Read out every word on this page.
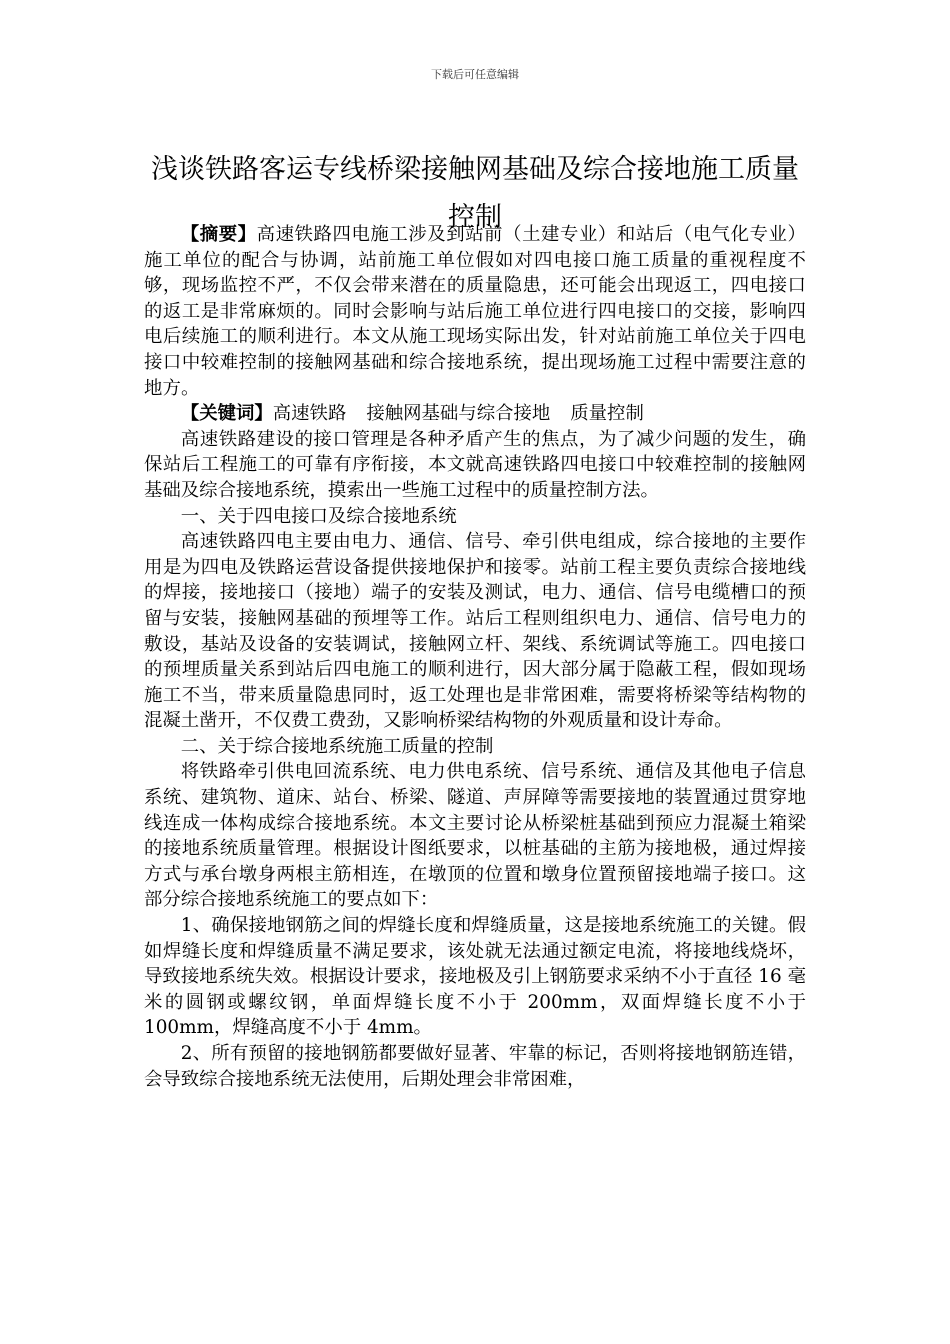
下载后可任意编辑
浅谈铁路客运专线桥梁接触网基础及综合接地施工质量控制

【摘要】高速铁路四电施工涉及到站前（土建专业）和站后（电气化专业）施工单位的配合与协调，站前施工单位假如对四电接口施工质量的重视程度不够，现场监控不严，不仅会带来潜在的质量隐患，还可能会出现返工，四电接口的返工是非常麻烦的。同时会影响与站后施工单位进行四电接口的交接，影响四电后续施工的顺利进行。本文从施工现场实际出发，针对站前施工单位关于四电接口中较难控制的接触网基础和综合接地系统，提出现场施工过程中需要注意的地方。

【关键词】高速铁路 接触网基础与综合接地 质量控制

高速铁路建设的接口管理是各种矛盾产生的焦点，为了减少问题的发生，确保站后工程施工的可靠有序衔接，本文就高速铁路四电接口中较难控制的接触网基础及综合接地系统，摸索出一些施工过程中的质量控制方法。

一、关于四电接口及综合接地系统

高速铁路四电主要由电力、通信、信号、牵引供电组成，综合接地的主要作用是为四电及铁路运营设备提供接地保护和接零。站前工程主要负责综合接地线的焊接，接地接口（接地）端子的安装及测试，电力、通信、信号电缆槽口的预留与安装，接触网基础的预埋等工作。站后工程则组织电力、通信、信号电力的敷设，基站及设备的安装调试，接触网立杆、架线、系统调试等施工。四电接口的预埋质量关系到站后四电施工的顺利进行，因大部分属于隐蔽工程，假如现场施工不当，带来质量隐患同时，返工处理也是非常困难，需要将桥梁等结构物的混凝土凿开，不仅费工费劲，又影响桥梁结构物的外观质量和设计寿命。

二、关于综合接地系统施工质量的控制

将铁路牵引供电回流系统、电力供电系统、信号系统、通信及其他电子信息系统、建筑物、道床、站台、桥梁、隧道、声屏障等需要接地的装置通过贯穿地线连成一体构成综合接地系统。本文主要讨论从桥梁桩基础到预应力混凝土箱梁的接地系统质量管理。根据设计图纸要求，以桩基础的主筋为接地极，通过焊接方式与承台墩身两根主筋相连，在墩顶的位置和墩身位置预留接地端子接口。这部分综合接地系统施工的要点如下：

1、确保接地钢筋之间的焊缝长度和焊缝质量，这是接地系统施工的关键。假如焊缝长度和焊缝质量不满足要求，该处就无法通过额定电流，将接地线烧坏，导致接地系统失效。根据设计要求，接地极及引上钢筋要求采纳不小于直径 16 毫米的圆钢或螺纹钢，单面焊缝长度不小于 200mm，双面焊缝长度不小于 100mm，焊缝高度不小于 4mm。

2、所有预留的接地钢筋都要做好显著、牢靠的标记，否则将接地钢筋连错，会导致综合接地系统无法使用，后期处理会非常困难，
